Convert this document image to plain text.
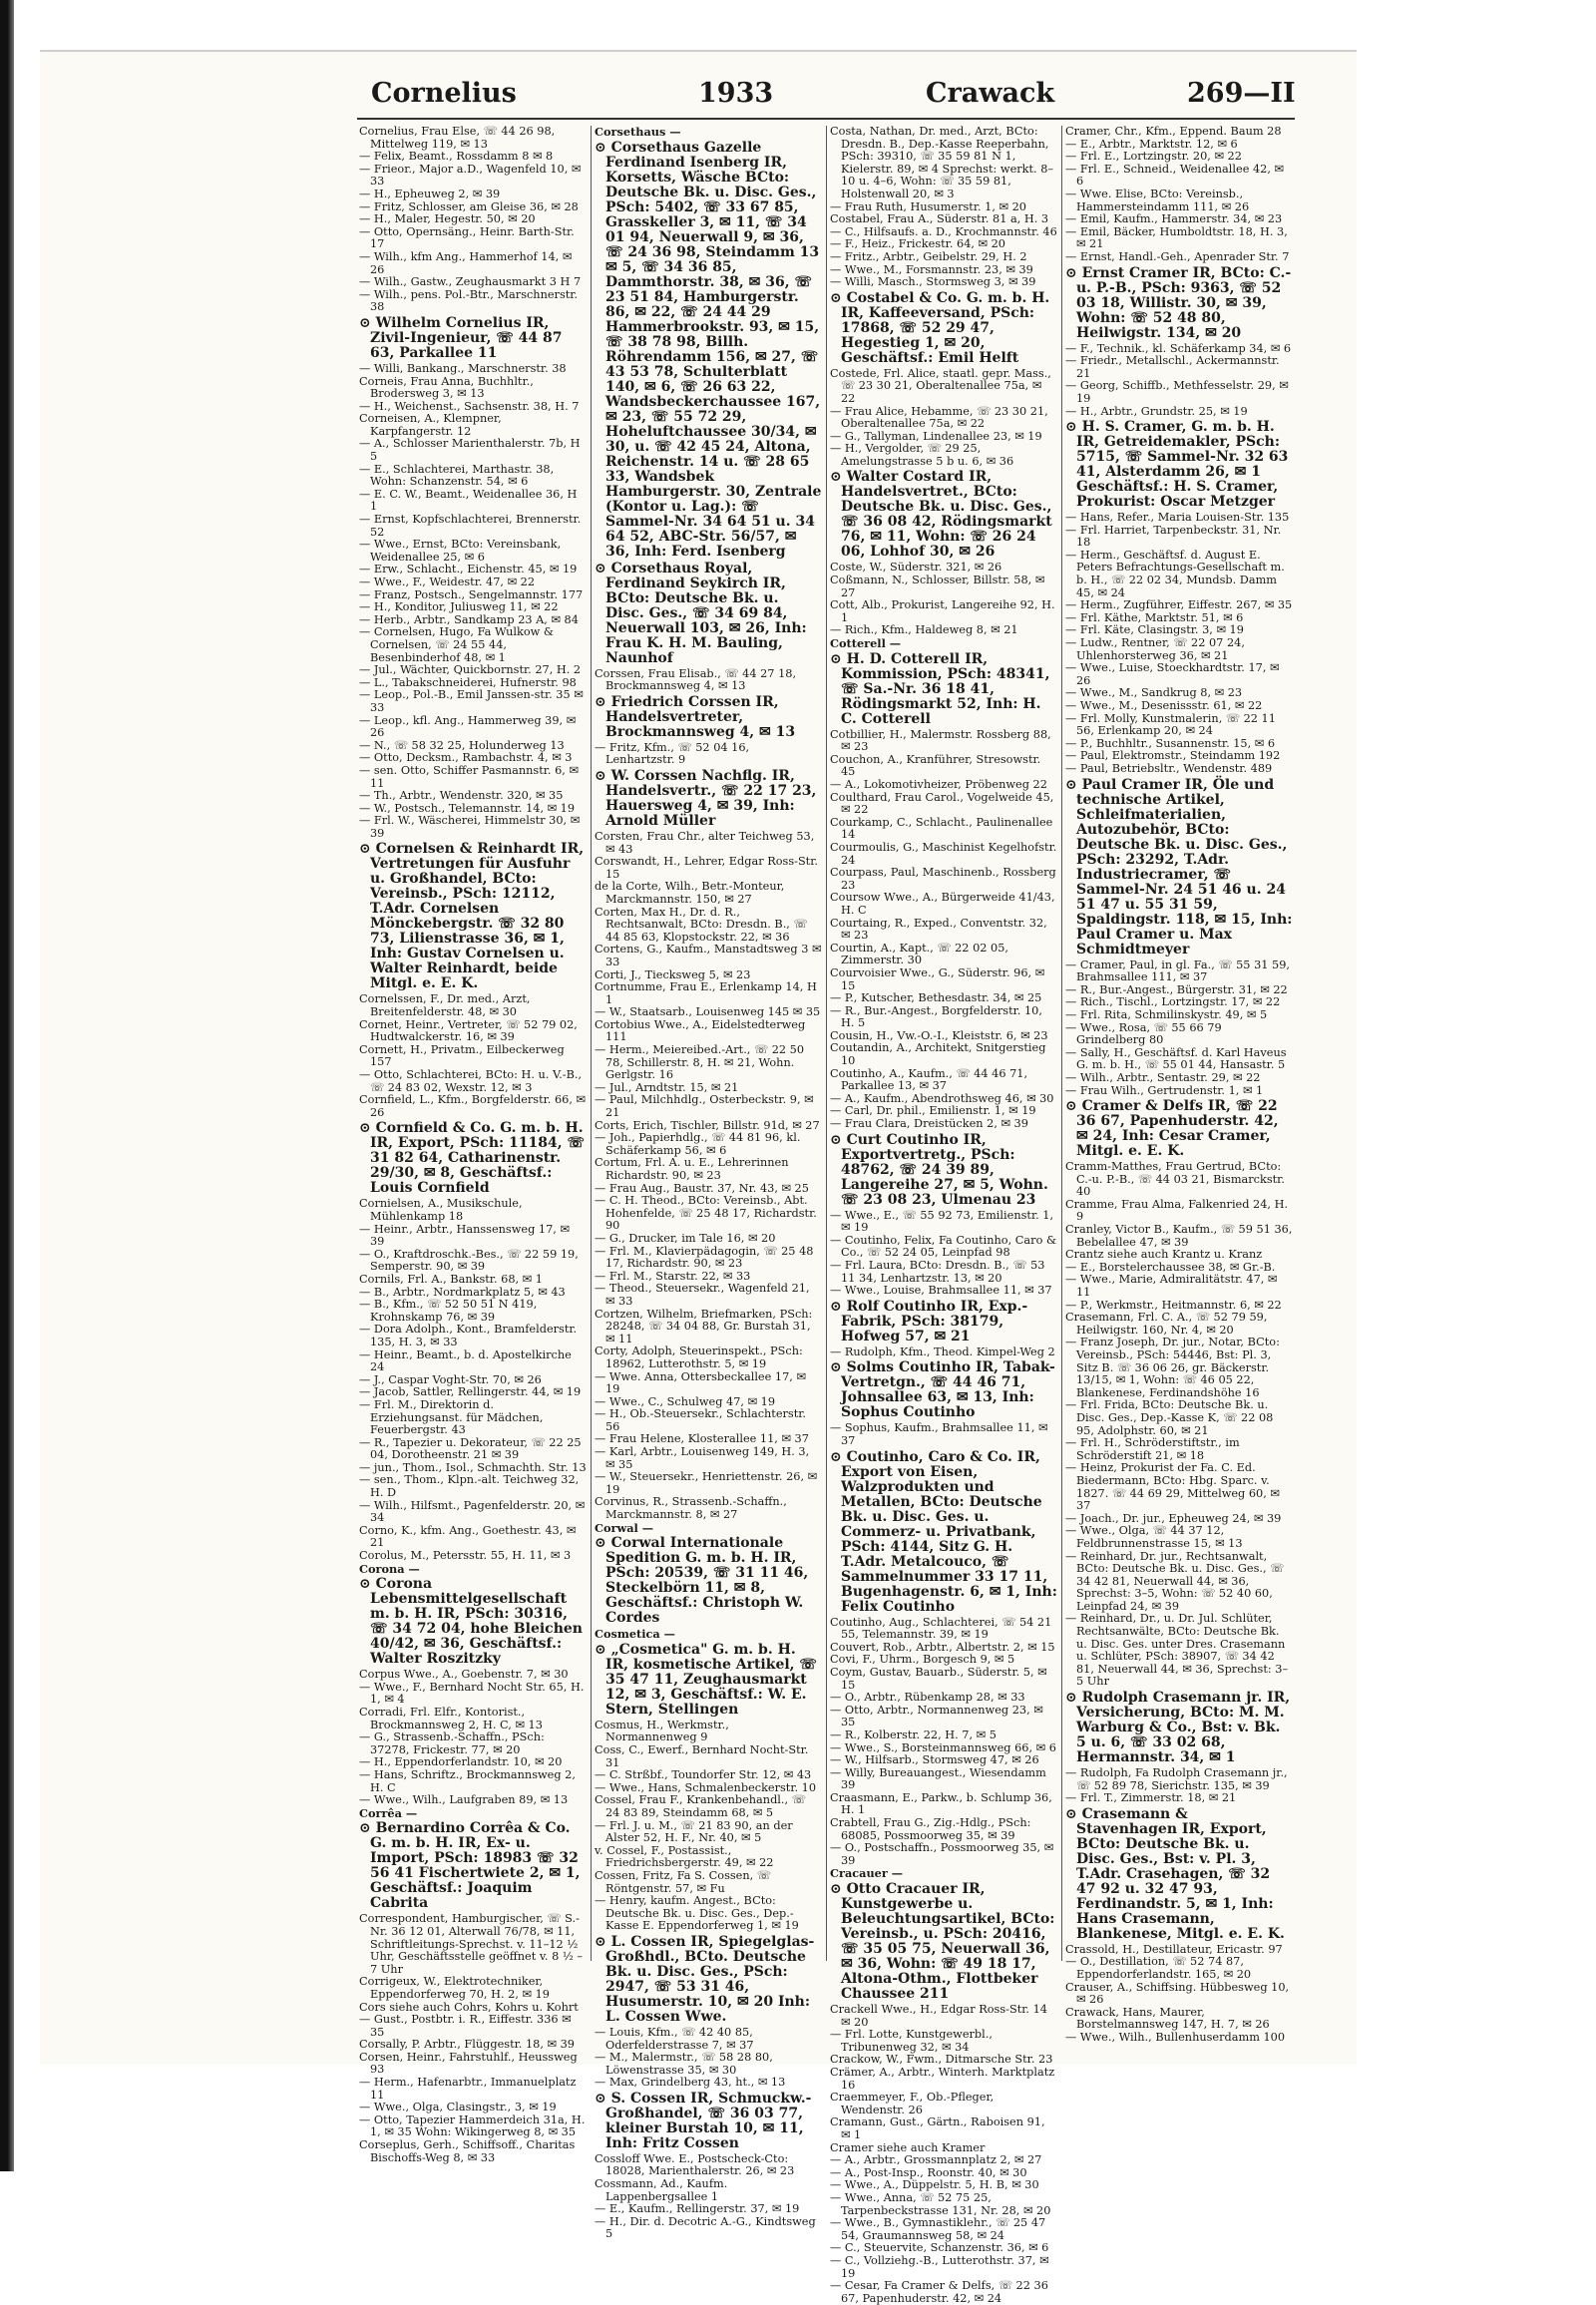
Cornelius	1933	Crawack	269—II

Cornelius, Frau Else, ☏ 44 26 98, Mittelweg 119, ✉ 13

— Felix, Beamt., Rossdamm 8 ✉ 8

— Frieor., Major a.D., Wagenfeld 10, ✉ 33

— H., Epheuweg 2, ✉ 39

— Fritz, Schlosser, am Gleise 36, ✉ 28

— H., Maler, Hegestr. 50, ✉ 20

— Otto, Opernsäng., Heinr. Barth-Str. 17

— Wilh., kfm Ang., Hammerhof 14, ✉ 26

— Wilh., Gastw., Zeughausmarkt 3 H 7

— Wilh., pens. Pol.-Btr., Marschnerstr. 38

⊙ Wilhelm Cornelius IR, Zivil-Ingenieur, ☏ 44 87 63, Parkallee 11

— Willi, Bankang., Marschnerstr. 38

Corneis, Frau Anna, Buchhltr., Brodersweg 3, ✉ 13

— H., Weichenst., Sachsenstr. 38, H. 7

Corneisen, A., Klempner, Karpfangerstr. 12

— A., Schlosser Marienthalerstr. 7b, H 5

— E., Schlachterei, Marthastr. 38, Wohn: Schanzenstr. 54, ✉ 6

— E. C. W., Beamt., Weidenallee 36, H 1

— Ernst, Kopfschlachterei, Brennerstr. 52

— Wwe., Ernst, BCto: Vereinsbank, Weidenallee 25, ✉ 6

— Erw., Schlacht., Eichenstr. 45, ✉ 19

— Wwe., F., Weidestr. 47, ✉ 22

— Franz, Postsch., Sengelmannstr. 177

— H., Konditor, Juliusweg 11, ✉ 22

— Herb., Arbtr., Sandkamp 23 A, ✉ 84

— Cornelsen, Hugo, Fa Wulkow & Cornelsen, ☏ 24 55 44, Besenbinderhof 48, ✉ 1

— Jul., Wächter, Quickbornstr. 27, H. 2

— L., Tabakschneiderei, Hufnerstr. 98

— Leop., Pol.-B., Emil Janssen-str. 35 ✉ 33

— Leop., kfl. Ang., Hammerweg 39, ✉ 26

— N., ☏ 58 32 25, Holunderweg 13

— Otto, Decksm., Rambachstr. 4, ✉ 3

— sen. Otto, Schiffer Pasmannstr. 6, ✉ 11

— Th., Arbtr., Wendenstr. 320, ✉ 35

— W., Postsch., Telemannstr. 14, ✉ 19

— Frl. W., Wäscherei, Himmelstr 30, ✉ 39

⊙ Cornelsen & Reinhardt IR, Vertretungen für Ausfuhr u. Großhandel, BCto: Vereinsb., PSch: 12112, T.Adr. Cornelsen Mönckebergstr. ☏ 32 80 73, Lilienstrasse 36, ✉ 1, Inh: Gustav Cornelsen u. Walter Reinhardt, beide Mitgl. e. E. K.

Cornelssen, F., Dr. med., Arzt, Breitenfelderstr. 48, ✉ 30

Cornet, Heinr., Vertreter, ☏ 52 79 02, Hudtwalckerstr. 16, ✉ 39

Cornett, H., Privatm., Eilbeckerweg 157

— Otto, Schlachterei, BCto: H. u. V.-B., ☏ 24 83 02, Wexstr. 12, ✉ 3

Cornfield, L., Kfm., Borgfelderstr. 66, ✉ 26

⊙ Cornfield & Co. G. m. b. H. IR, Export, PSch: 11184, ☏ 31 82 64, Catharinenstr. 29/30, ✉ 8, Geschäftsf.: Louis Cornfield

Cornielsen, A., Musikschule, Mühlenkamp 18

— Heinr., Arbtr., Hanssensweg 17, ✉ 39

— O., Kraftdroschk.-Bes., ☏ 22 59 19, Semperstr. 90, ✉ 39

Cornils, Frl. A., Bankstr. 68, ✉ 1

— B., Arbtr., Nordmarkplatz 5, ✉ 43

— B., Kfm., ☏ 52 50 51 N 419, Krohnskamp 76, ✉ 39

— Dora Adolph., Kont., Bramfelderstr. 135, H. 3, ✉ 33

— Heinr., Beamt., b. d. Apostelkirche 24

— J., Caspar Voght-Str. 70, ✉ 26

— Jacob, Sattler, Rellingerstr. 44, ✉ 19

— Frl. M., Direktorin d. Erziehungsanst. für Mädchen, Feuerbergstr. 43

— R., Tapezier u. Dekorateur, ☏ 22 25 04, Dorotheenstr. 21 ✉ 39

— jun., Thom., Isol., Schmachth. Str. 13

— sen., Thom., Klpn.-alt. Teichweg 32, H. D

— Wilh., Hilfsmt., Pagenfelderstr. 20, ✉ 34

Corno, K., kfm. Ang., Goethestr. 43, ✉ 21

Corolus, M., Petersstr. 55, H. 11, ✉ 3

Corona —

⊙ Corona Lebensmittelgesellschaft m. b. H. IR, PSch: 30316, ☏ 34 72 04, hohe Bleichen 40/42, ✉ 36, Geschäftsf.: Walter Roszitzky

Corpus Wwe., A., Goebenstr. 7, ✉ 30

— Wwe., F., Bernhard Nocht Str. 65, H. 1, ✉ 4

Corradi, Frl. Elfr., Kontorist., Brockmannsweg 2, H. C, ✉ 13

— G., Strassenb.-Schaffn., PSch: 37278, Frickestr. 77, ✉ 20

— H., Eppendorferlandstr. 10, ✉ 20

— Hans, Schriftz., Brockmannsweg 2, H. C

— Wwe., Wilh., Laufgraben 89, ✉ 13

Corrêa —

⊙ Bernardino Corrêa & Co. G. m. b. H. IR, Ex- u. Import, PSch: 18983 ☏ 32 56 41 Fischertwiete 2, ✉ 1, Geschäftsf.: Joaquim Cabrita

Correspondent, Hamburgischer, ☏ S.-Nr. 36 12 01, Alterwall 76/78, ✉ 11, Schriftleitungs-Sprechst. v. 11–12 ½ Uhr, Geschäftsstelle geöffnet v. 8 ½ – 7 Uhr

Corrigeux, W., Elektrotechniker, Eppendorferweg 70, H. 2, ✉ 19

Cors siehe auch Cohrs, Kohrs u. Kohrt

— Gust., Postbtr. i. R., Eiffestr. 336 ✉ 35

Corsally, P. Arbtr., Flüggestr. 18, ✉ 39

Corsen, Heinr., Fahrstuhlf., Heussweg 93

— Herm., Hafenarbtr., Immanuelplatz 11

— Wwe., Olga, Clasingstr., 3, ✉ 19

— Otto, Tapezier Hammerdeich 31a, H. 1, ✉ 35 Wohn: Wikingerweg 8, ✉ 35

Corseplus, Gerh., Schiffsoff., Charitas Bischoffs-Weg 8, ✉ 33

Corsethaus —

⊙ Corsethaus Gazelle Ferdinand Isenberg IR, Korsetts, Wäsche BCto: Deutsche Bk. u. Disc. Ges., PSch: 5402, ☏ 33 67 85, Grasskeller 3, ✉ 11, ☏ 34 01 94, Neuerwall 9, ✉ 36, ☏ 24 36 98, Steindamm 13 ✉ 5, ☏ 34 36 85, Dammthorstr. 38, ✉ 36, ☏ 23 51 84, Hamburgerstr. 86, ✉ 22, ☏ 24 44 29 Hammerbrookstr. 93, ✉ 15, ☏ 38 78 98, Billh. Röhrendamm 156, ✉ 27, ☏ 43 53 78, Schulterblatt 140, ✉ 6, ☏ 26 63 22, Wandsbeckerchaussee 167, ✉ 23, ☏ 55 72 29, Hoheluftchaussee 30/34, ✉ 30, u. ☏ 42 45 24, Altona, Reichenstr. 14 u. ☏ 28 65 33, Wandsbek Hamburgerstr. 30, Zentrale (Kontor u. Lag.): ☏ Sammel-Nr. 34 64 51 u. 34 64 52, ABC-Str. 56/57, ✉ 36, Inh: Ferd. Isenberg

⊙ Corsethaus Royal, Ferdinand Seykirch IR, BCto: Deutsche Bk. u. Disc. Ges., ☏ 34 69 84, Neuerwall 103, ✉ 26, Inh: Frau K. H. M. Bauling, Naunhof

Corssen, Frau Elisab., ☏ 44 27 18, Brockmannsweg 4, ✉ 13

⊙ Friedrich Corssen IR, Handelsvertreter, Brockmannsweg 4, ✉ 13

— Fritz, Kfm., ☏ 52 04 16, Lenhartzstr. 9

⊙ W. Corssen Nachflg. IR, Handelsvertr., ☏ 22 17 23, Hauersweg 4, ✉ 39, Inh: Arnold Müller

Corsten, Frau Chr., alter Teichweg 53, ✉ 43

Corswandt, H., Lehrer, Edgar Ross-Str. 15

de la Corte, Wilh., Betr.-Monteur, Marckmannstr. 150, ✉ 27

Corten, Max H., Dr. d. R., Rechtsanwalt, BCto: Dresdn. B., ☏ 44 85 63, Klopstockstr. 22, ✉ 36

Cortens, G., Kaufm., Manstadtsweg 3 ✉ 33

Corti, J., Tiecksweg 5, ✉ 23

Cortnumme, Frau E., Erlenkamp 14, H 1

— W., Staatsarb., Louisenweg 145 ✉ 35

Cortobius Wwe., A., Eidelstedterweg 111

— Herm., Meiereibed.-Art., ☏ 22 50 78, Schillerstr. 8, H. ✉ 21, Wohn. Gerlgstr. 16

— Jul., Arndtstr. 15, ✉ 21

— Paul, Milchhdlg., Osterbeckstr. 9, ✉ 21

Corts, Erich, Tischler, Billstr. 91d, ✉ 27

— Joh., Papierhdlg., ☏ 44 81 96, kl. Schäferkamp 56, ✉ 6

Cortum, Frl. A. u. E., Lehrerinnen Richardstr. 90, ✉ 23

— Frau Aug., Baustr. 37, Nr. 43, ✉ 25

— C. H. Theod., BCto: Vereinsb., Abt. Hohenfelde, ☏ 25 48 17, Richardstr. 90

— G., Drucker, im Tale 16, ✉ 20

— Frl. M., Klavierpädagogin, ☏ 25 48 17, Richardstr. 90, ✉ 23

— Frl. M., Starstr. 22, ✉ 33

— Theod., Steuersekr., Wagenfeld 21, ✉ 33

Cortzen, Wilhelm, Briefmarken, PSch: 28248, ☏ 34 04 88, Gr. Burstah 31, ✉ 11

Corty, Adolph, Steuerinspekt., PSch: 18962, Lutterothstr. 5, ✉ 19

— Wwe. Anna, Ottersbeckallee 17, ✉ 19

— Wwe., C., Schulweg 47, ✉ 19

— H., Ob.-Steuersekr., Schlachterstr. 56

— Frau Helene, Klosterallee 11, ✉ 37

— Karl, Arbtr., Louisenweg 149, H. 3, ✉ 35

— W., Steuersekr., Henriettenstr. 26, ✉ 19

Corvinus, R., Strassenb.-Schaffn., Marckmannstr. 8, ✉ 27

Corwal —

⊙ Corwal Internationale Spedition G. m. b. H. IR, PSch: 20539, ☏ 31 11 46, Steckelbörn 11, ✉ 8, Geschäftsf.: Christoph W. Cordes

Cosmetica —

⊙ „Cosmetica" G. m. b. H. IR, kosmetische Artikel, ☏ 35 47 11, Zeughausmarkt 12, ✉ 3, Geschäftsf.: W. E. Stern, Stellingen

Cosmus, H., Werkmstr., Normannenweg 9

Coss, C., Ewerf., Bernhard Nocht-Str. 31

— C. Strßbf., Toundorfer Str. 12, ✉ 43

— Wwe., Hans, Schmalenbeckerstr. 10

Cossel, Frau F., Krankenbehandl., ☏ 24 83 89, Steindamm 68, ✉ 5

— Frl. J. u. M., ☏ 21 83 90, an der Alster 52, H. F., Nr. 40, ✉ 5

v. Cossel, F., Postassist., Friedrichsbergerstr. 49, ✉ 22

Cossen, Fritz, Fa S. Cossen, ☏ Röntgenstr. 57, ✉ Fu

— Henry, kaufm. Angest., BCto: Deutsche Bk. u. Disc. Ges., Dep.-Kasse E. Eppendorferweg 1, ✉ 19

⊙ L. Cossen IR, Spiegelglas-Großhdl., BCto. Deutsche Bk. u. Disc. Ges., PSch: 2947, ☏ 53 31 46, Husumerstr. 10, ✉ 20 Inh: L. Cossen Wwe.

— Louis, Kfm., ☏ 42 40 85, Oderfelderstrasse 7, ✉ 37

— M., Malermstr., ☏ 58 28 80, Löwenstrasse 35, ✉ 30

— Max, Grindelberg 43, ht., ✉ 13

⊙ S. Cossen IR, Schmuckw.-Großhandel, ☏ 36 03 77, kleiner Burstah 10, ✉ 11, Inh: Fritz Cossen

Cossloff Wwe. E., Postscheck-Cto: 18028, Marienthalerstr. 26, ✉ 23

Cossmann, Ad., Kaufm. Lappenbergsallee 1

— E., Kaufm., Rellingerstr. 37, ✉ 19

— H., Dir. d. Decotric A.-G., Kindtsweg 5

Costa, Nathan, Dr. med., Arzt, BCto: Dresdn. B., Dep.-Kasse Reeperbahn, PSch: 39310, ☏ 35 59 81 N 1, Kielerstr. 89, ✉ 4 Sprechst: werkt. 8–10 u. 4–6, Wohn: ☏ 35 59 81, Holstenwall 20, ✉ 3

— Frau Ruth, Husumerstr. 1, ✉ 20

Costabel, Frau A., Süderstr. 81 a, H. 3

— C., Hilfsaufs. a. D., Krochmannstr. 46

— F., Heiz., Frickestr. 64, ✉ 20

— Fritz., Arbtr., Geibelstr. 29, H. 2

— Wwe., M., Forsmannstr. 23, ✉ 39

— Willi, Masch., Stormsweg 3, ✉ 39

⊙ Costabel & Co. G. m. b. H. IR, Kaffeeversand, PSch: 17868, ☏ 52 29 47, Hegestieg 1, ✉ 20, Geschäftsf.: Emil Helft

Costede, Frl. Alice, staatl. gepr. Mass., ☏ 23 30 21, Oberaltenallee 75a, ✉ 22

— Frau Alice, Hebamme, ☏ 23 30 21, Oberaltenallee 75a, ✉ 22

— G., Tallyman, Lindenallee 23, ✉ 19

— H., Vergolder, ☏ 29 25, Amelungstrasse 5 b u. 6, ✉ 36

⊙ Walter Costard IR, Handelsvertret., BCto: Deutsche Bk. u. Disc. Ges., ☏ 36 08 42, Rödingsmarkt 76, ✉ 11, Wohn: ☏ 26 24 06, Lohhof 30, ✉ 26

Coste, W., Süderstr. 321, ✉ 26

Coßmann, N., Schlosser, Billstr. 58, ✉ 27

Cott, Alb., Prokurist, Langereihe 92, H. 1

— Rich., Kfm., Haldeweg 8, ✉ 21

Cotterell —

⊙ H. D. Cotterell IR, Kommission, PSch: 48341, ☏ Sa.-Nr. 36 18 41, Rödingsmarkt 52, Inh: H. C. Cotterell

Cotbillier, H., Malermstr. Rossberg 88, ✉ 23

Couchon, A., Kranführer, Stresowstr. 45

— A., Lokomotivheizer, Pröbenweg 22

Coulthard, Frau Carol., Vogelweide 45, ✉ 22

Courkamp, C., Schlacht., Paulinenallee 14

Courmoulis, G., Maschinist Kegelhofstr. 24

Courpass, Paul, Maschinenb., Rossberg 23

Coursow Wwe., A., Bürgerweide 41/43, H. C

Courtaing, R., Exped., Conventstr. 32, ✉ 23

Courtin, A., Kapt., ☏ 22 02 05, Zimmerstr. 30

Courvoisier Wwe., G., Süderstr. 96, ✉ 15

— P., Kutscher, Bethesdastr. 34, ✉ 25

— R., Bur.-Angest., Borgfelderstr. 10, H. 5

Cousin, H., Vw.-O.-I., Kleiststr. 6, ✉ 23

Coutandin, A., Architekt, Snitgerstieg 10

Coutinho, A., Kaufm., ☏ 44 46 71, Parkallee 13, ✉ 37

— A., Kaufm., Abendrothsweg 46, ✉ 30

— Carl, Dr. phil., Emilienstr. 1, ✉ 19

— Frau Clara, Dreistücken 2, ✉ 39

⊙ Curt Coutinho IR, Exportvertretg., PSch: 48762, ☏ 24 39 89, Langereihe 27, ✉ 5, Wohn. ☏ 23 08 23, Ulmenau 23

— Wwe., E., ☏ 55 92 73, Emilienstr. 1, ✉ 19

— Coutinho, Felix, Fa Coutinho, Caro & Co., ☏ 52 24 05, Leinpfad 98

— Frl. Laura, BCto: Dresdn. B., ☏ 53 11 34, Lenhartzstr. 13, ✉ 20

— Wwe., Louise, Brahmsallee 11, ✉ 37

⊙ Rolf Coutinho IR, Exp.-Fabrik, PSch: 38179, Hofweg 57, ✉ 21

— Rudolph, Kfm., Theod. Kimpel-Weg 2

⊙ Solms Coutinho IR, Tabak-Vertretgn., ☏ 44 46 71, Johnsallee 63, ✉ 13, Inh: Sophus Coutinho

— Sophus, Kaufm., Brahmsallee 11, ✉ 37

⊙ Coutinho, Caro & Co. IR, Export von Eisen, Walzprodukten und Metallen, BCto: Deutsche Bk. u. Disc. Ges. u. Commerz- u. Privatbank, PSch: 4144, Sitz G. H. T.Adr. Metalcouco, ☏ Sammelnummer 33 17 11, Bugenhagenstr. 6, ✉ 1, Inh: Felix Coutinho

Coutinho, Aug., Schlachterei, ☏ 54 21 55, Telemannstr. 39, ✉ 19

Couvert, Rob., Arbtr., Albertstr. 2, ✉ 15

Covi, F., Uhrm., Borgesch 9, ✉ 5

Coym, Gustav, Bauarb., Süderstr. 5, ✉ 15

— O., Arbtr., Rübenkamp 28, ✉ 33

— Otto, Arbtr., Normannenweg 23, ✉ 35

— R., Kolberstr. 22, H. 7, ✉ 5

— Wwe., S., Borsteinmannsweg 66, ✉ 6

— W., Hilfsarb., Stormsweg 47, ✉ 26

— Willy, Bureauangest., Wiesendamm 39

Craasmann, E., Parkw., b. Schlump 36, H. 1

Crabtell, Frau G., Zig.-Hdlg., PSch: 68085, Possmoorweg 35, ✉ 39

— O., Postschaffn., Possmoorweg 35, ✉ 39

Cracauer —

⊙ Otto Cracauer IR, Kunstgewerbe u. Beleuchtungsartikel, BCto: Vereinsb., u. PSch: 20416, ☏ 35 05 75, Neuerwall 36, ✉ 36, Wohn: ☏ 49 18 17, Altona-Othm., Flottbeker Chaussee 211

Crackell Wwe., H., Edgar Ross-Str. 14 ✉ 20

— Frl. Lotte, Kunstgewerbl., Tribunenweg 32, ✉ 34

Crackow, W., Fwm., Ditmarsche Str. 23

Crämer, A., Arbtr., Winterh. Marktplatz 16

Craemmeyer, F., Ob.-Pfleger, Wendenstr. 26

Cramann, Gust., Gärtn., Raboisen 91, ✉ 1

Cramer siehe auch Kramer

— A., Arbtr., Grossmannplatz 2, ✉ 27

— A., Post-Insp., Roonstr. 40, ✉ 30

— Wwe., A., Düppelstr. 5, H. B, ✉ 30

— Wwe., Anna, ☏ 52 75 25, Tarpenbeckstrasse 131, Nr. 28, ✉ 20

— Wwe., B., Gymnastiklehr., ☏ 25 47 54, Graumannsweg 58, ✉ 24

— C., Steuervite, Schanzenstr. 36, ✉ 6

— C., Vollziehg.-B., Lutterothstr. 37, ✉ 19

— Cesar, Fa Cramer & Delfs, ☏ 22 36 67, Papenhuderstr. 42, ✉ 24

Cramer, Chr., Kfm., Eppend. Baum 28

— E., Arbtr., Marktstr. 12, ✉ 6

— Frl. E., Lortzingstr. 20, ✉ 22

— Frl. E., Schneid., Weidenallee 42, ✉ 6

— Wwe. Elise, BCto: Vereinsb., Hammersteindamm 111, ✉ 26

— Emil, Kaufm., Hammerstr. 34, ✉ 23

— Emil, Bäcker, Humboldtstr. 18, H. 3, ✉ 21

— Ernst, Handl.-Geh., Apenrader Str. 7

⊙ Ernst Cramer IR, BCto: C.-u. P.-B., PSch: 9363, ☏ 52 03 18, Willistr. 30, ✉ 39, Wohn: ☏ 52 48 80, Heilwigstr. 134, ✉ 20

— F., Technik., kl. Schäferkamp 34, ✉ 6

— Friedr., Metallschl., Ackermannstr. 21

— Georg, Schiffb., Methfesselstr. 29, ✉ 19

— H., Arbtr., Grundstr. 25, ✉ 19

⊙ H. S. Cramer, G. m. b. H. IR, Getreidemakler, PSch: 5715, ☏ Sammel-Nr. 32 63 41, Alsterdamm 26, ✉ 1 Geschäftsf.: H. S. Cramer, Prokurist: Oscar Metzger

— Hans, Refer., Maria Louisen-Str. 135

— Frl. Harriet, Tarpenbeckstr. 31, Nr. 18

— Herm., Geschäftsf. d. August E. Peters Befrachtungs-Gesellschaft m. b. H., ☏ 22 02 34, Mundsb. Damm 45, ✉ 24

— Herm., Zugführer, Eiffestr. 267, ✉ 35

— Frl. Käthe, Marktstr. 51, ✉ 6

— Frl. Käte, Clasingstr. 3, ✉ 19

— Ludw., Rentner, ☏ 22 07 24, Uhlenhorsterweg 36, ✉ 21

— Wwe., Luise, Stoeckhardtstr. 17, ✉ 26

— Wwe., M., Sandkrug 8, ✉ 23

— Wwe., M., Desenissstr. 61, ✉ 22

— Frl. Molly, Kunstmalerin, ☏ 22 11 56, Erlenkamp 20, ✉ 24

— P., Buchhltr., Susannenstr. 15, ✉ 6

— Paul, Elektromstr., Steindamm 192

— Paul, Betriebsltr., Wendenstr. 489

⊙ Paul Cramer IR, Öle und technische Artikel, Schleifmaterialien, Autozubehör, BCto: Deutsche Bk. u. Disc. Ges., PSch: 23292, T.Adr. Industriecramer, ☏ Sammel-Nr. 24 51 46 u. 24 51 47 u. 55 31 59, Spaldingstr. 118, ✉ 15, Inh: Paul Cramer u. Max Schmidtmeyer

— Cramer, Paul, in gl. Fa., ☏ 55 31 59, Brahmsallee 111, ✉ 37

— R., Bur.-Angest., Bürgerstr. 31, ✉ 22

— Rich., Tischl., Lortzingstr. 17, ✉ 22

— Frl. Rita, Schmilinskystr. 49, ✉ 5

— Wwe., Rosa, ☏ 55 66 79 Grindelberg 80

— Sally, H., Geschäftsf. d. Karl Haveus G. m. b. H., ☏ 55 01 44, Hansastr. 5

— Wilh., Arbtr., Sentastr. 29, ✉ 22

— Frau Wilh., Gertrudenstr. 1, ✉ 1

⊙ Cramer & Delfs IR, ☏ 22 36 67, Papenhuderstr. 42, ✉ 24, Inh: Cesar Cramer, Mitgl. e. E. K.

Cramm-Matthes, Frau Gertrud, BCto: C.-u. P.-B., ☏ 44 03 21, Bismarckstr. 40

Cramme, Frau Alma, Falkenried 24, H. 9

Cranley, Victor B., Kaufm., ☏ 59 51 36, Bebelallee 47, ✉ 39

Crantz siehe auch Krantz u. Kranz

— E., Borstelerchaussee 38, ✉ Gr.-B.

— Wwe., Marie, Admiralitätstr. 47, ✉ 11

— P., Werkmstr., Heitmannstr. 6, ✉ 22

Crasemann, Frl. C. A., ☏ 52 79 59, Heilwigstr. 160, Nr. 4, ✉ 20

— Franz Joseph, Dr. jur., Notar, BCto: Vereinsb., PSch: 54446, Bst: Pl. 3, Sitz B. ☏ 36 06 26, gr. Bäckerstr. 13/15, ✉ 1, Wohn: ☏ 46 05 22, Blankenese, Ferdinandshöhe 16

— Frl. Frida, BCto: Deutsche Bk. u. Disc. Ges., Dep.-Kasse K, ☏ 22 08 95, Adolphstr. 60, ✉ 21

— Frl. H., Schröderstiftstr., im Schröderstift 21, ✉ 18

— Heinz, Prokurist der Fa. C. Ed. Biedermann, BCto: Hbg. Sparc. v. 1827. ☏ 44 69 29, Mittelweg 60, ✉ 37

— Joach., Dr. jur., Epheuweg 24, ✉ 39

— Wwe., Olga, ☏ 44 37 12, Feldbrunnenstrasse 15, ✉ 13

— Reinhard, Dr. jur., Rechtsanwalt, BCto: Deutsche Bk. u. Disc. Ges., ☏ 34 42 81, Neuerwall 44, ✉ 36, Sprechst: 3–5, Wohn: ☏ 52 40 60, Leinpfad 24, ✉ 39

— Reinhard, Dr., u. Dr. Jul. Schlüter, Rechtsanwälte, BCto: Deutsche Bk. u. Disc. Ges. unter Dres. Crasemann u. Schlüter, PSch: 38907, ☏ 34 42 81, Neuerwall 44, ✉ 36, Sprechst: 3–5 Uhr

⊙ Rudolph Crasemann jr. IR, Versicherung, BCto: M. M. Warburg & Co., Bst: v. Bk. 5 u. 6, ☏ 33 02 68, Hermannstr. 34, ✉ 1

— Rudolph, Fa Rudolph Crasemann jr., ☏ 52 89 78, Sierichstr. 135, ✉ 39

— Frl. T., Zimmerstr. 18, ✉ 21

⊙ Crasemann & Stavenhagen IR, Export, BCto: Deutsche Bk. u. Disc. Ges., Bst: v. Pl. 3, T.Adr. Crasehagen, ☏ 32 47 92 u. 32 47 93, Ferdinandstr. 5, ✉ 1, Inh: Hans Crasemann, Blankenese, Mitgl. e. E. K.

Crassold, H., Destillateur, Ericastr. 97

— O., Destillation, ☏ 52 74 87, Eppendorferlandstr. 165, ✉ 20

Crauser, A., Schiffsing. Hübbesweg 10, ✉ 26

Crawack, Hans, Maurer, Borstelmannsweg 147, H. 7, ✉ 26

— Wwe., Wilh., Bullenhuserdamm 100
